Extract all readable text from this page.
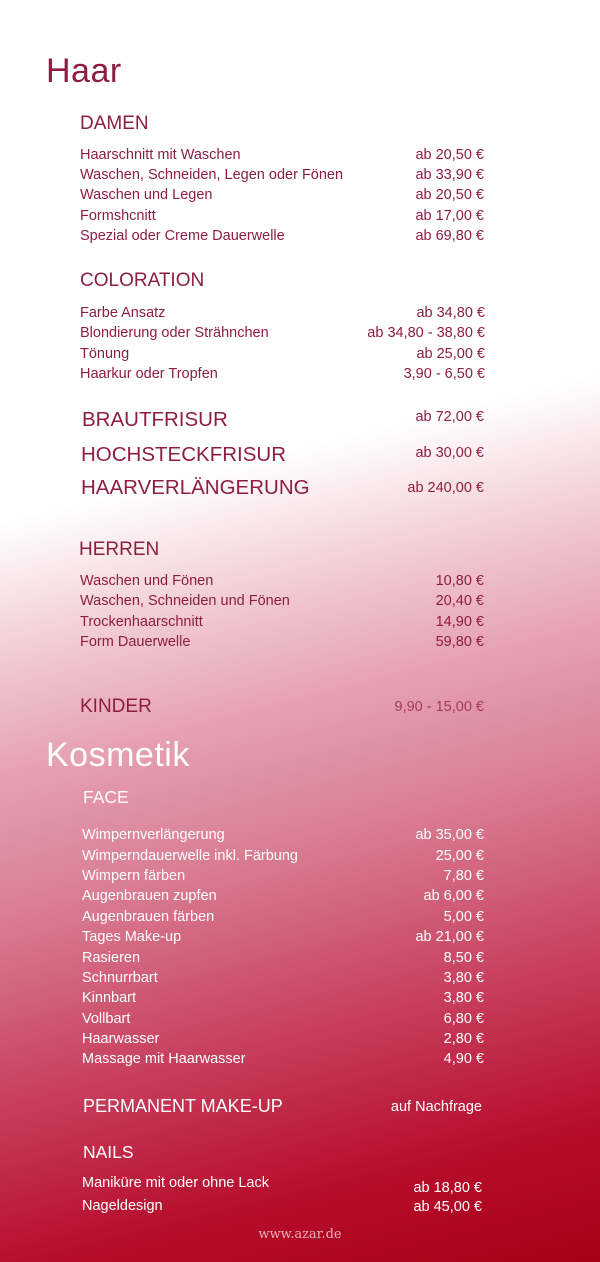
Haar
DAMEN
Haarschnitt mit Waschen	ab 20,50 €
Waschen, Schneiden, Legen oder Fönen	ab 33,90 €
Waschen und Legen	ab 20,50 €
Formshcnitt	ab 17,00 €
Spezial oder Creme Dauerwelle	ab 69,80 €
COLORATION
Farbe Ansatz	ab 34,80 €
Blondierung oder Strähnchen	ab 34,80 - 38,80 €
Tönung	ab 25,00 €
Haarkur oder Tropfen	3,90 - 6,50 €
BRAUTFRISUR	ab 72,00 €
HOCHSTECKFRISUR	ab 30,00 €
HAARVERLÄNGERUNG	ab 240,00 €
HERREN
Waschen und Fönen	10,80 €
Waschen, Schneiden und Fönen	20,40 €
Trockenhaarschnitt	14,90 €
Form Dauerwelle	59,80 €
KINDER	9,90 - 15,00 €
Kosmetik
FACE
Wimpernverlängerung	ab 35,00 €
Wimperndauerwelle inkl. Färbung	25,00 €
Wimpern färben	7,80 €
Augenbrauen zupfen	ab 6,00 €
Augenbrauen färben	5,00 €
Tages Make-up	ab 21,00 €
Rasieren	8,50 €
Schnurrbart	3,80 €
Kinnbart	3,80 €
Vollbart	6,80 €
Haarwasser	2,80 €
Massage mit Haarwasser	4,90 €
PERMANENT MAKE-UP	auf Nachfrage
NAILS
Maniküre mit oder ohne Lack	ab 18,80 €
Nageldesign	ab 45,00 €
www.azar.de
